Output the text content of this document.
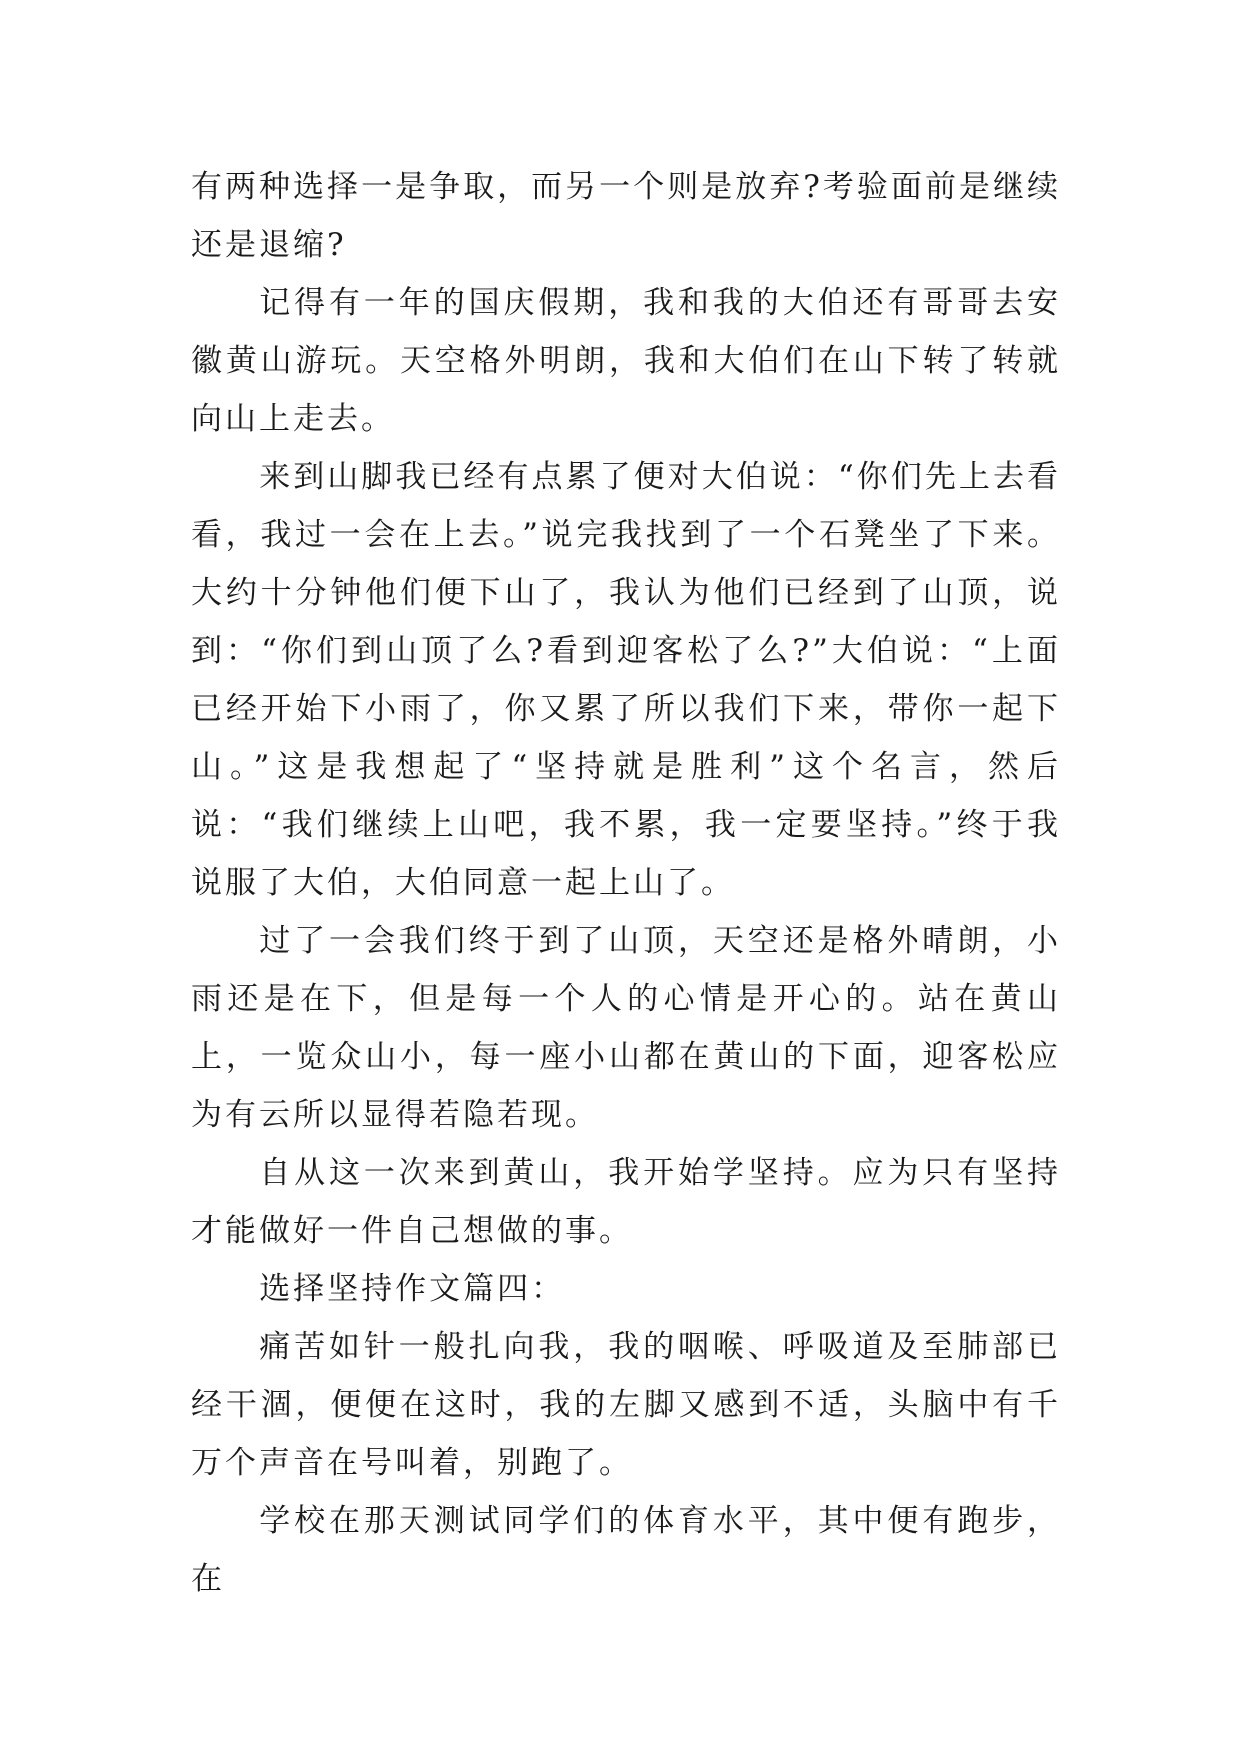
有两种选择一是争取，而另一个则是放弃?考验面前是继续还是退缩?

记得有一年的国庆假期，我和我的大伯还有哥哥去安徽黄山游玩。天空格外明朗，我和大伯们在山下转了转就向山上走去。

来到山脚我已经有点累了便对大伯说：“你们先上去看看，我过一会在上去。”说完我找到了一个石凳坐了下来。大约十分钟他们便下山了，我认为他们已经到了山顶，说到：“你们到山顶了么?看到迎客松了么?”大伯说：“上面已经开始下小雨了，你又累了所以我们下来，带你一起下山。”这是我想起了“坚持就是胜利”这个名言，然后说：“我们继续上山吧，我不累，我一定要坚持。”终于我说服了大伯，大伯同意一起上山了。

过了一会我们终于到了山顶，天空还是格外晴朗，小雨还是在下，但是每一个人的心情是开心的。站在黄山上，一览众山小，每一座小山都在黄山的下面，迎客松应为有云所以显得若隐若现。

自从这一次来到黄山，我开始学坚持。应为只有坚持才能做好一件自己想做的事。

选择坚持作文篇四：

痛苦如针一般扎向我，我的咽喉、呼吸道及至肺部已经干涸，便便在这时，我的左脚又感到不适，头脑中有千万个声音在号叫着，别跑了。

学校在那天测试同学们的体育水平，其中便有跑步，在
